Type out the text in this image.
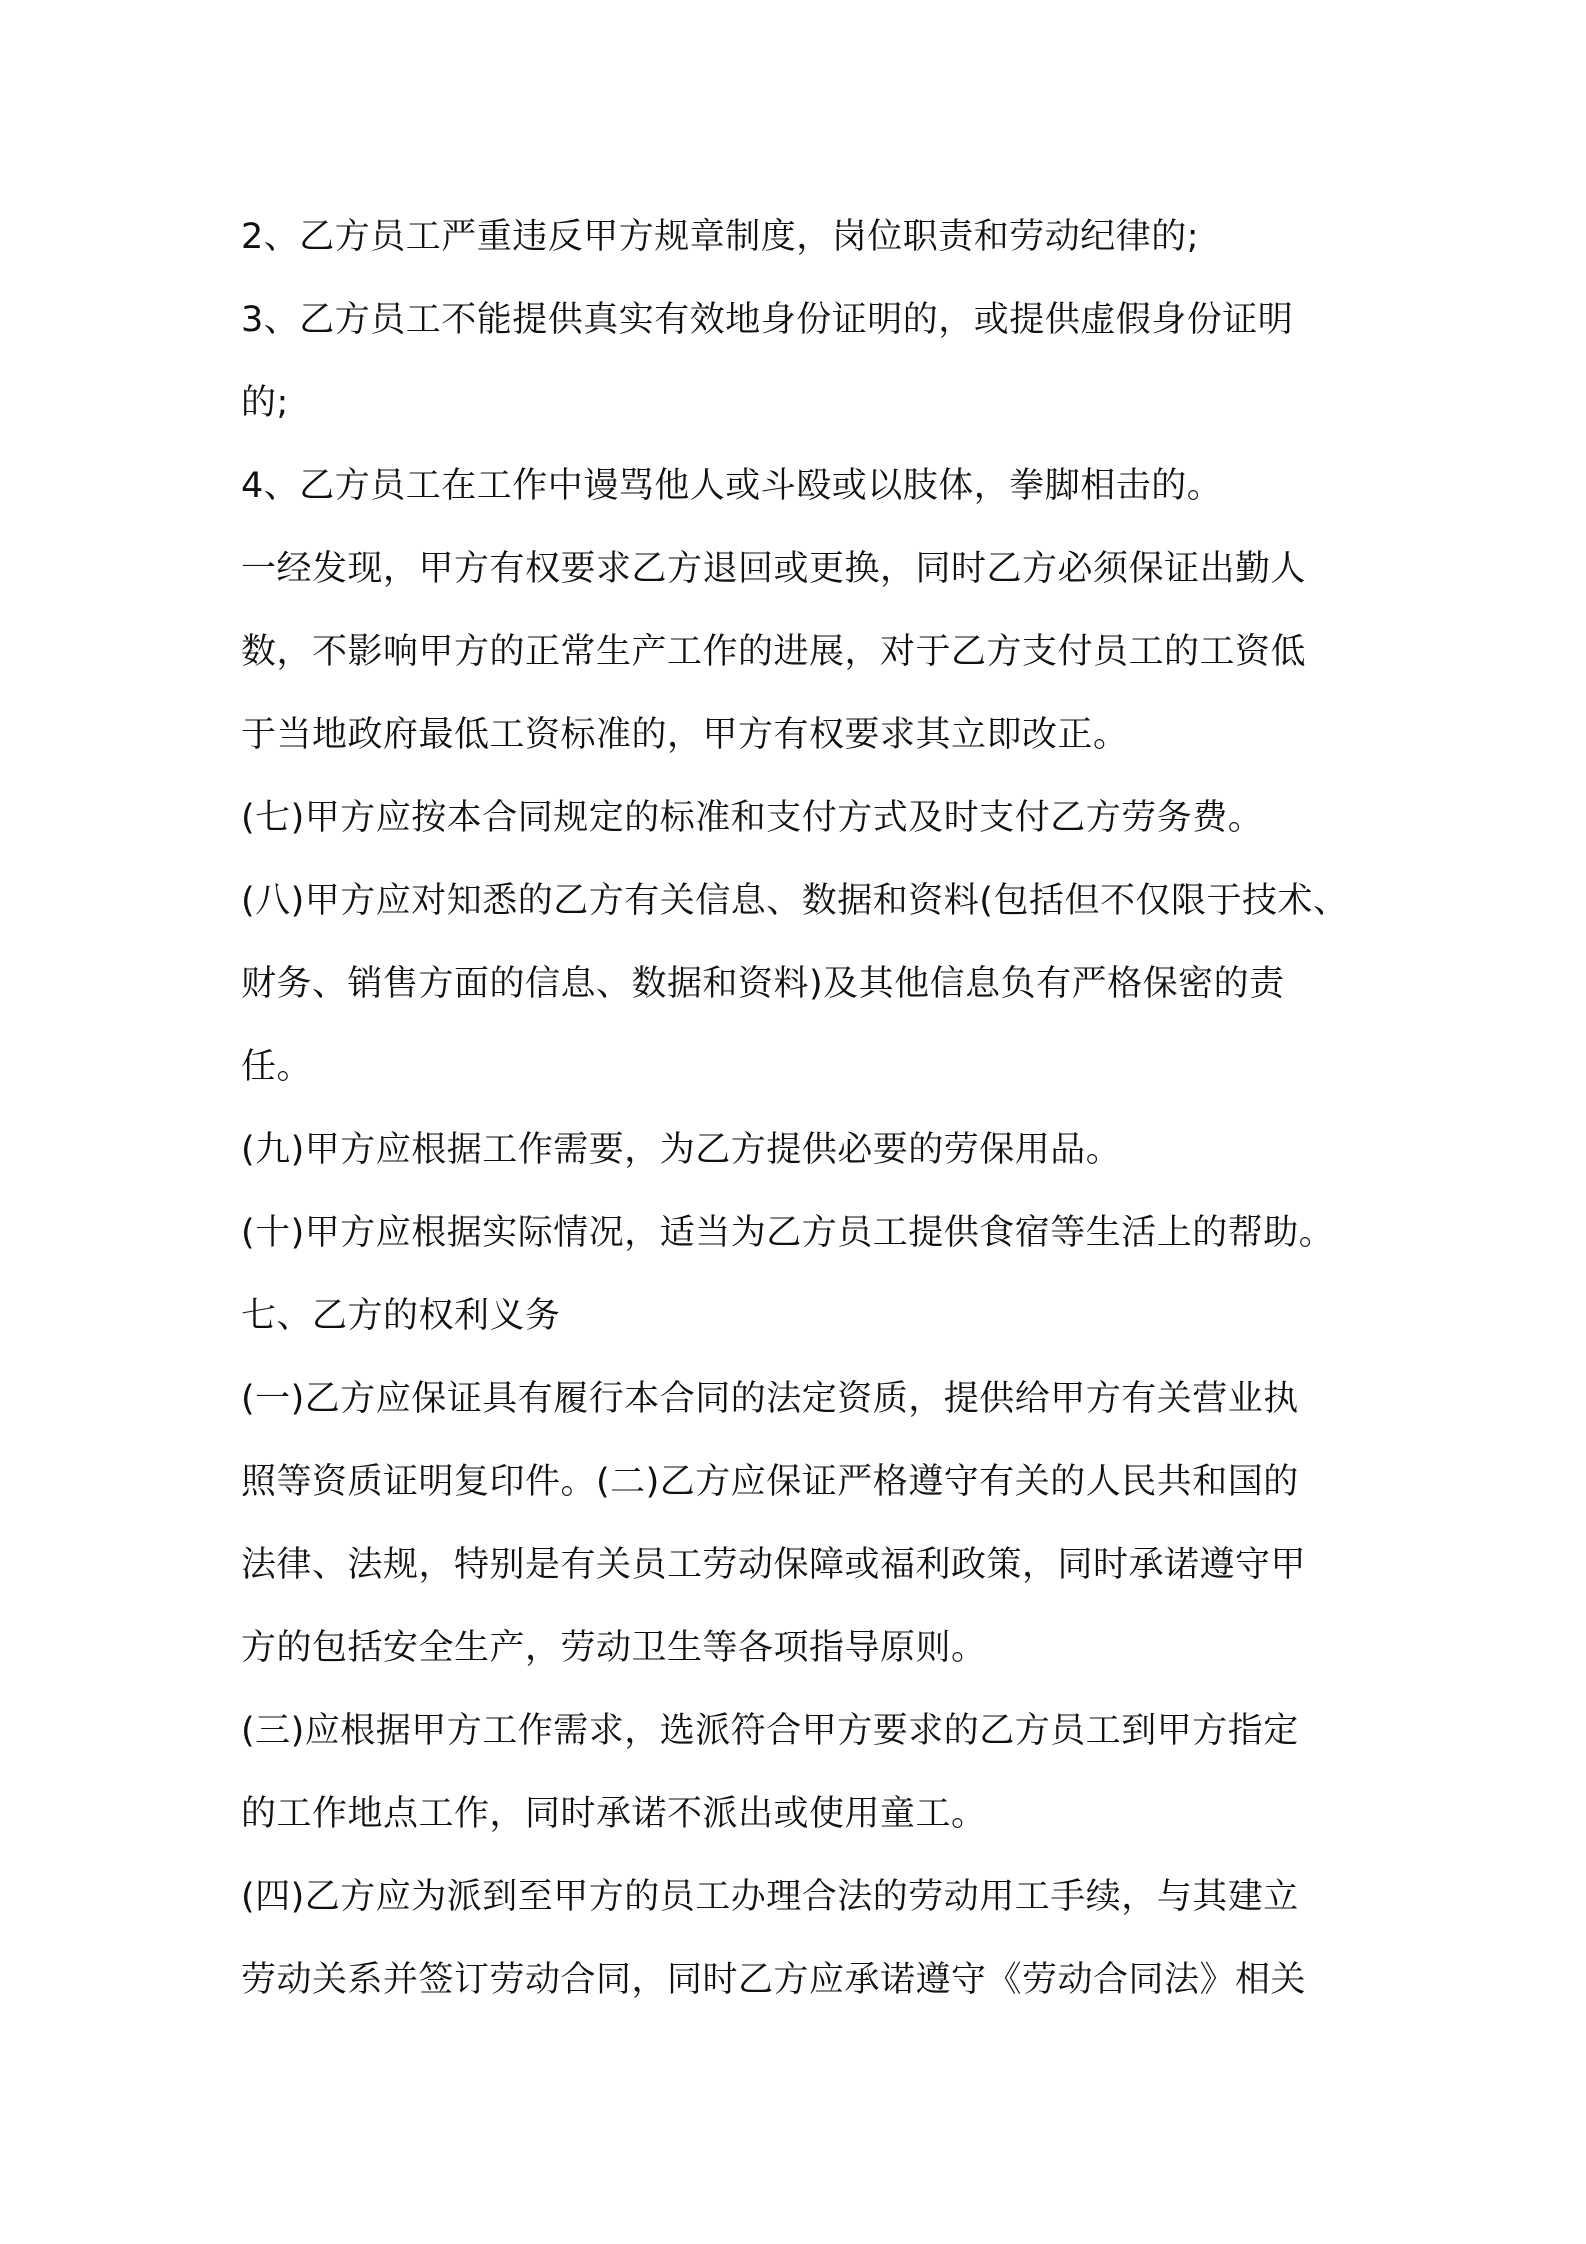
2、乙方员工严重违反甲方规章制度，岗位职责和劳动纪律的;
3、乙方员工不能提供真实有效地身份证明的，或提供虚假身份证明
的;
4、乙方员工在工作中谩骂他人或斗殴或以肢体，拳脚相击的。
一经发现，甲方有权要求乙方退回或更换，同时乙方必须保证出勤人
数，不影响甲方的正常生产工作的进展，对于乙方支付员工的工资低
于当地政府最低工资标准的，甲方有权要求其立即改正。
(七)甲方应按本合同规定的标准和支付方式及时支付乙方劳务费。
(八)甲方应对知悉的乙方有关信息、数据和资料(包括但不仅限于技术、
财务、销售方面的信息、数据和资料)及其他信息负有严格保密的责
任。
(九)甲方应根据工作需要，为乙方提供必要的劳保用品。
(十)甲方应根据实际情况，适当为乙方员工提供食宿等生活上的帮助。
七、乙方的权利义务
(一)乙方应保证具有履行本合同的法定资质，提供给甲方有关营业执
照等资质证明复印件。(二)乙方应保证严格遵守有关的人民共和国的
法律、法规，特别是有关员工劳动保障或福利政策，同时承诺遵守甲
方的包括安全生产，劳动卫生等各项指导原则。
(三)应根据甲方工作需求，选派符合甲方要求的乙方员工到甲方指定
的工作地点工作，同时承诺不派出或使用童工。
(四)乙方应为派到至甲方的员工办理合法的劳动用工手续，与其建立
劳动关系并签订劳动合同，同时乙方应承诺遵守《劳动合同法》相关
